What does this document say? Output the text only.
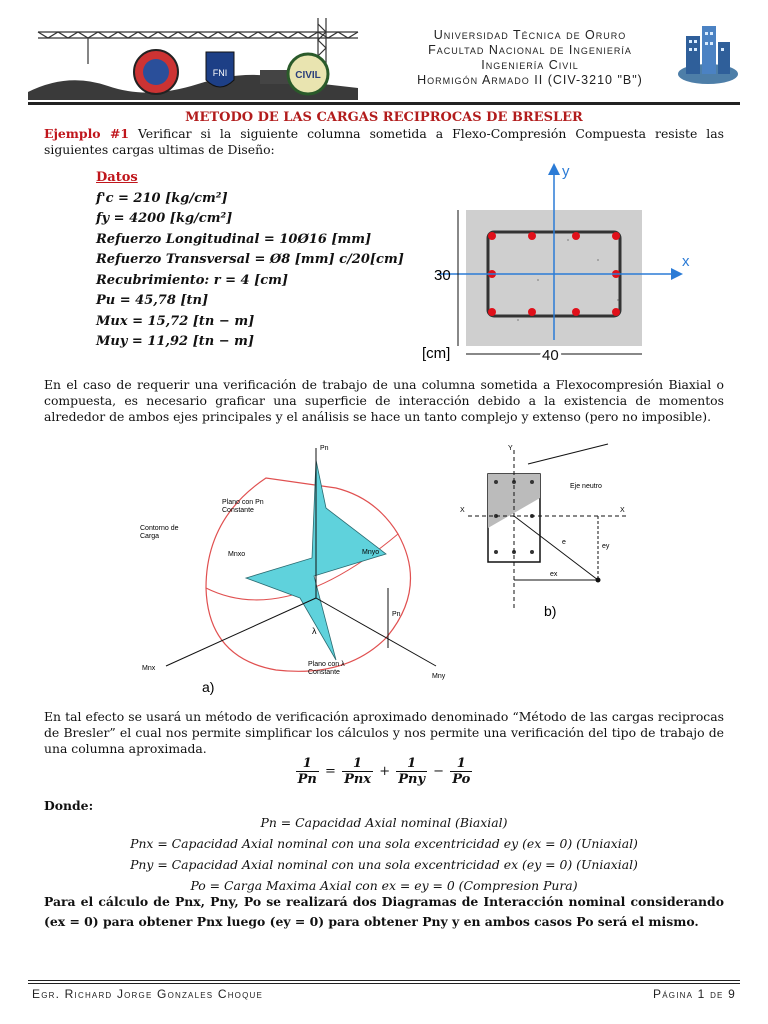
FNI	CIVIL
Universidad Técnica de Oruro
Facultad Nacional de Ingeniería
Ingeniería Civil
Hormigón Armado II (CIV-3210 "B")
METODO DE LAS CARGAS RECIPROCAS DE BRESLER
Ejemplo #1 Verificar si la siguiente columna sometida a Flexo-Compresión Compuesta resiste las siguientes cargas ultimas de Diseño:
Datos
f'c = 210 [kg/cm²]
fy = 4200 [kg/cm²]
Refuerzo Longitudinal = 10Ø16 [mm]
Refuerzo Transversal = Ø8 [mm] c/20[cm]
Recubrimiento: r = 4 [cm]
Pu = 45,78 [tn]
Mux = 15,72 [tn − m]
Muy = 11,92 [tn − m]
y
x
30
40
[cm]
En el caso de requerir una verificación de trabajo de una columna sometida a Flexocompresión Biaxial o compuesta, es necesario graficar una superficie de interacción debido a la existencia de momentos alrededor de ambos ejes principales y el análisis se hace un tanto complejo y extenso (pero no imposible).
Pn
Plano con Pn Constante
Contorno de Carga
Mnxo	Mnyo
Pn
λ
Plano con λ Constante
Mnx
Mny
a)
Y
X	X
Eje neutro
ey
ex
e
b)
En tal efecto se usará un método de verificación aproximado denominado “Método de las cargas reciprocas de Bresler” el cual nos permite simplificar los cálculos y nos permite una verificación del tipo de trabajo de una columna aproximada.
$\frac{1}{Pn} = \frac{1}{\text{Pnx}} + \frac{1}{\text{Pny}} - \frac{1}{Po}$
Donde:
Pn = Capacidad Axial nominal (Biaxial)
Pnx = Capacidad Axial nominal con una sola excentricidad ey (ex = 0) (Uniaxial)
Pny = Capacidad Axial nominal con una sola excentricidad ex (ey = 0) (Uniaxial)
Po = Carga Maxima Axial con ex = ey = 0 (Compresion Pura)
Para el cálculo de Pnx, Pny, Po se realizará dos Diagramas de Interacción nominal considerando (ex = 0) para obtener Pnx luego (ey = 0) para obtener Pny y en ambos casos Po será el mismo.
Egr. Richard Jorge Gonzales Choque	Página 1 de 9
